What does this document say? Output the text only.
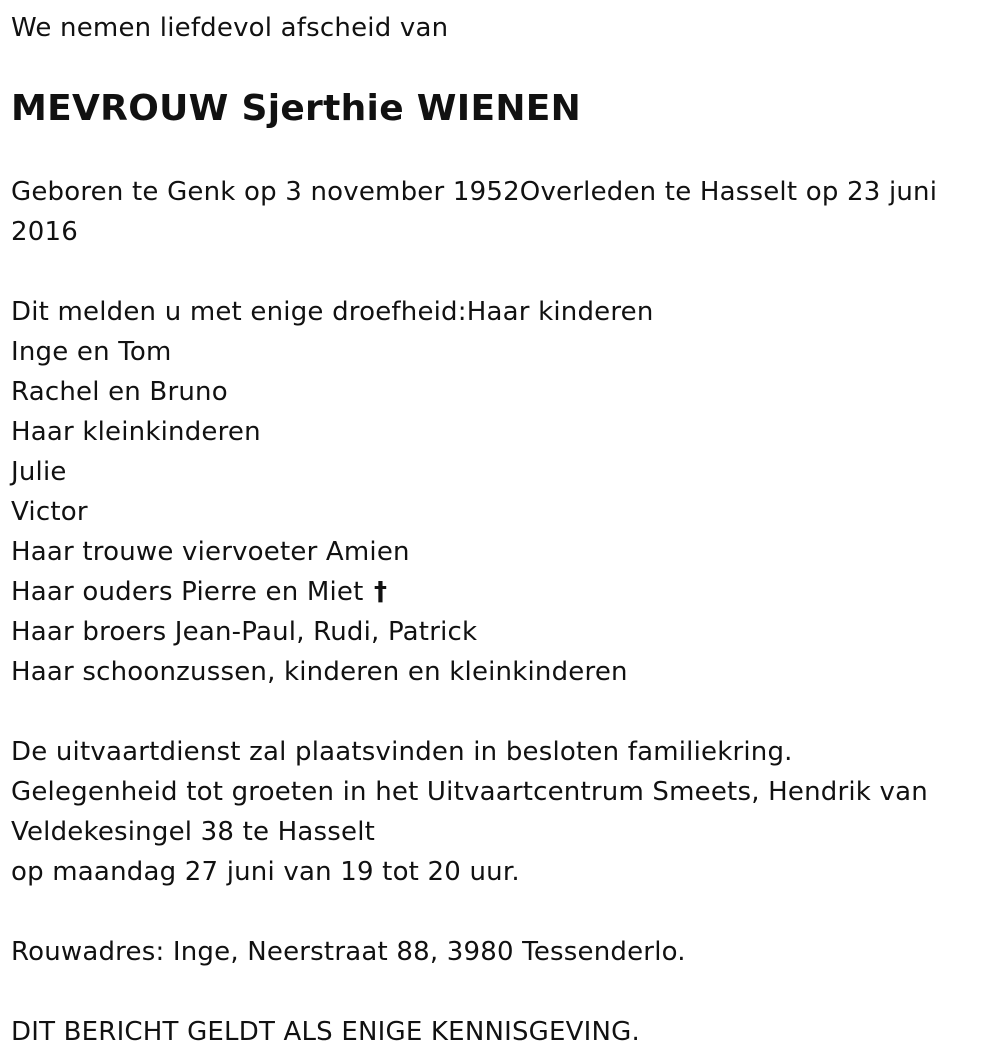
We nemen liefdevol afscheid van
MEVROUW Sjerthie WIENEN
Geboren te Genk op 3 november 1952Overleden te Hasselt op 23 juni
2016
Dit melden u met enige droefheid:Haar kinderen
Inge en Tom
Rachel en Bruno
Haar kleinkinderen
Julie
Victor
Haar trouwe viervoeter Amien
Haar ouders Pierre en Miet †
Haar broers Jean-Paul, Rudi, Patrick
Haar schoonzussen, kinderen en kleinkinderen
De uitvaartdienst zal plaatsvinden in besloten familiekring.
Gelegenheid tot groeten in het Uitvaartcentrum Smeets, Hendrik van
Veldekesingel 38 te Hasselt
op maandag 27 juni van 19 tot 20 uur.
Rouwadres: Inge, Neerstraat 88, 3980 Tessenderlo.
DIT BERICHT GELDT ALS ENIGE KENNISGEVING.
